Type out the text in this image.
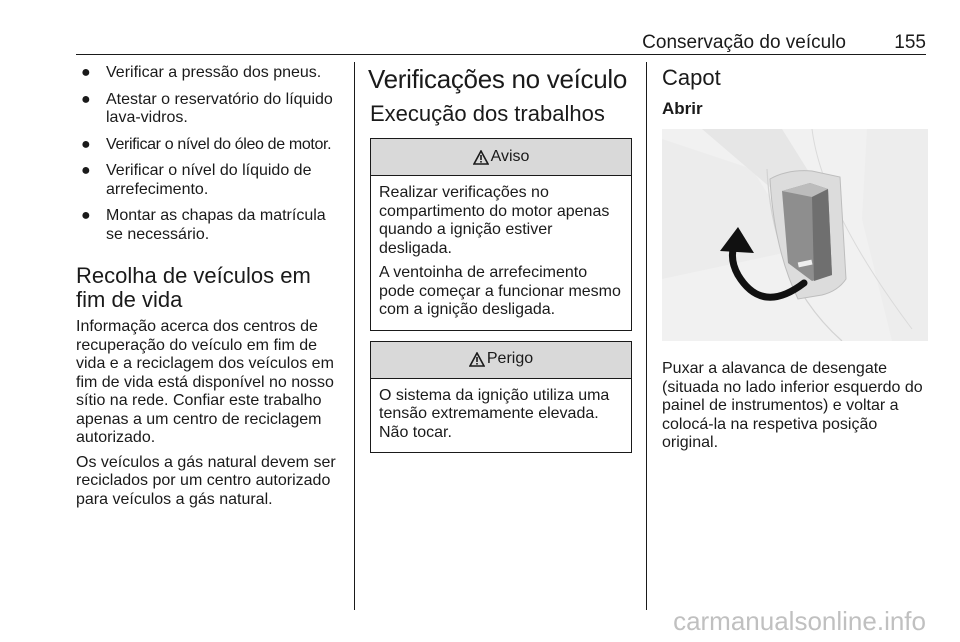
Conservação do veículo	155
● Verificar a pressão dos pneus.
● Atestar o reservatório do líquido lava-vidros.
● Verificar o nível do óleo de motor.
● Verificar o nível do líquido de arrefecimento.
● Montar as chapas da matrícula se necessário.
Recolha de veículos em fim de vida

Informação acerca dos centros de recuperação do veículo em fim de vida e a reciclagem dos veículos em fim de vida está disponível no nosso sítio na rede. Confiar este trabalho apenas a um centro de reciclagem autorizado.

Os veículos a gás natural devem ser reciclados por um centro autorizado para veículos a gás natural.

Verificações no veículo
Execução dos trabalhos
Aviso

Realizar verificações no compartimento do motor apenas quando a ignição estiver desligada.

A ventoinha de arrefecimento pode começar a funcionar mesmo com a ignição desligada.

Perigo

O sistema da ignição utiliza uma tensão extremamente elevada. Não tocar.

Capot
Abrir

Puxar a alavanca de desengate (situada no lado inferior esquerdo do painel de instrumentos) e voltar a colocá-la na respetiva posição original.

carmanualsonline.info
